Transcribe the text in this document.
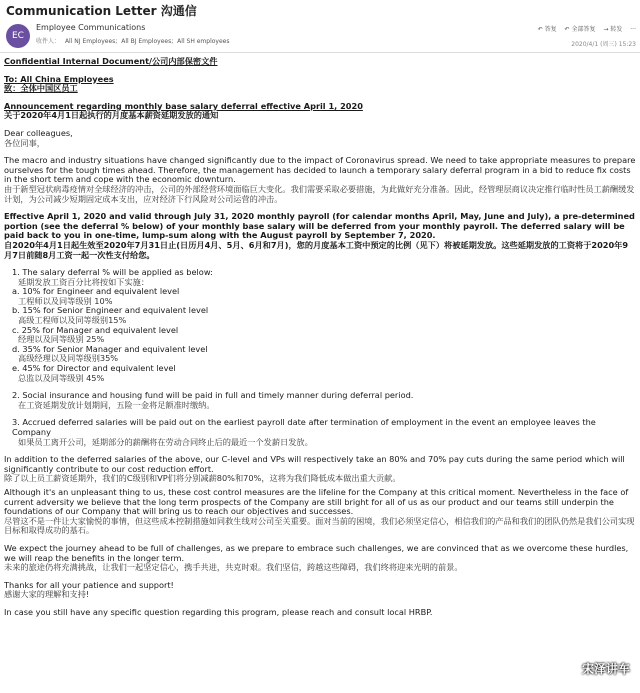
Communication Letter 沟通信
EC
Employee Communications
收件人： All NJ Employees; All BJ Employees; All SH employees
↶ 答复 ↶ 全部答复 → 转发 ···
2020/4/1 (周三) 15:23

Confidential Internal Document/公司内部保密文件

To: All China Employees

致：全体中国区员工

Announcement regarding monthly base salary deferral effective April 1, 2020

关于2020年4月1日起执行的月度基本薪资延期发放的通知

Dear colleagues,

各位同事，

The macro and industry situations have changed significantly due to the impact of Coronavirus spread. We need to take appropriate measures to prepare ourselves for the tough times ahead. Therefore, the management has decided to launch a temporary salary deferral program in a bid to reduce fix costs in the short term and cope with the economic downturn.

由于新型冠状病毒疫情对全球经济的冲击，公司的外部经营环境面临巨大变化。我们需要采取必要措施，为此做好充分准备。因此，经管理层商议决定推行临时性员工薪酬缓发计划，为公司减少短期固定成本支出，应对经济下行风险对公司运营的冲击。

Effective April 1, 2020 and valid through July 31, 2020 monthly payroll (for calendar months April, May, June and July), a pre-determined portion (see the deferral % below) of your monthly base salary will be deferred from your monthly payroll. The deferred salary will be paid back to you in one-time, lump-sum along with the August payroll by September 7, 2020.

自2020年4月1日起生效至2020年7月31日止(日历月4月、5月、6月和7月)，您的月度基本工资中预定的比例（见下）将被延期发放。这些延期发放的工资将于2020年9月7日前随8月工资一起一次性支付给您。

1. The salary deferral % will be applied as below:

延期发放工资百分比将按如下实施：

a. 10% for Engineer and equivalent level

工程师以及同等级别 10%

b. 15% for Senior Engineer and equivalent level

高级工程师以及同等级别15%

c. 25% for Manager and equivalent level

经理以及同等级别 25%

d. 35% for Senior Manager and equivalent level

高级经理以及同等级别35%

e. 45% for Director and equivalent level

总监以及同等级别 45%

2. Social insurance and housing fund will be paid in full and timely manner during deferral period.

在工资延期发放计划期间，五险一金将足额准时缴纳。

3. Accrued deferred salaries will be paid out on the earliest payroll date after termination of employment in the event an employee leaves the Company

如果员工离开公司，延期部分的薪酬将在劳动合同终止后的最近一个发薪日发放。

In addition to the deferred salaries of the above, our C-level and VPs will respectively take an 80% and 70% pay cuts during the same period which will significantly contribute to our cost reduction effort.

除了以上员工薪资延期外，我们的C级别和VP们将分别减薪80%和70%，这将为我们降低成本做出重大贡献。

Although it's an unpleasant thing to us, these cost control measures are the lifeline for the Company at this critical moment. Nevertheless in the face of current adversity we believe that the long term prospects of the Company are still bright for all of us as our product and our teams still underpin the foundations of our Company that will bring us to reach our objectives and successes.

尽管这不是一件让大家愉悦的事情，但这些成本控制措施如同救生线对公司至关重要。面对当前的困境，我们必须坚定信心，相信我们的产品和我们的团队仍然是我们公司实现目标和取得成功的基石。

We expect the journey ahead to be full of challenges, as we prepare to embrace such challenges, we are convinced that as we overcome these hurdles, we will reap the benefits in the longer term.

未来的旅途仍将充满挑战，让我们一起坚定信心，携手共进，共克时艰。我们坚信，跨越这些障碍，我们终将迎来光明的前景。

Thanks for all your patience and support!

感谢大家的理解和支持!

In case you still have any specific question regarding this program, please reach and consult local HRBP.

宋泽讲车
